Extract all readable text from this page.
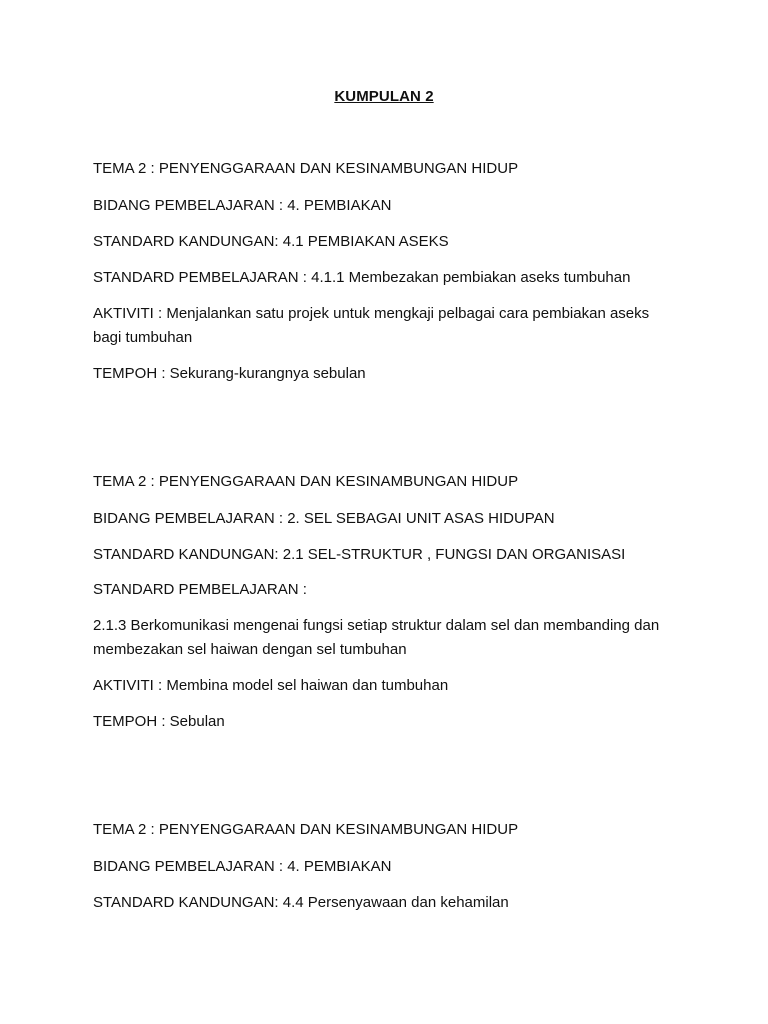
KUMPULAN 2
TEMA 2 : PENYENGGARAAN DAN KESINAMBUNGAN HIDUP
BIDANG PEMBELAJARAN : 4. PEMBIAKAN
STANDARD KANDUNGAN: 4.1 PEMBIAKAN ASEKS
STANDARD PEMBELAJARAN : 4.1.1 Membezakan pembiakan aseks tumbuhan
AKTIVITI : Menjalankan satu projek untuk mengkaji pelbagai cara pembiakan aseks bagi tumbuhan
TEMPOH : Sekurang-kurangnya sebulan
TEMA 2 : PENYENGGARAAN DAN KESINAMBUNGAN HIDUP
BIDANG PEMBELAJARAN : 2. SEL SEBAGAI UNIT ASAS HIDUPAN
STANDARD KANDUNGAN: 2.1 SEL-STRUKTUR , FUNGSI DAN ORGANISASI
STANDARD PEMBELAJARAN :
2.1.3 Berkomunikasi mengenai fungsi setiap struktur dalam sel dan membanding dan membezakan sel haiwan dengan sel tumbuhan
AKTIVITI : Membina model sel haiwan dan tumbuhan
TEMPOH : Sebulan
TEMA 2 : PENYENGGARAAN DAN KESINAMBUNGAN HIDUP
BIDANG PEMBELAJARAN : 4. PEMBIAKAN
STANDARD KANDUNGAN: 4.4 Persenyawaan dan kehamilan
